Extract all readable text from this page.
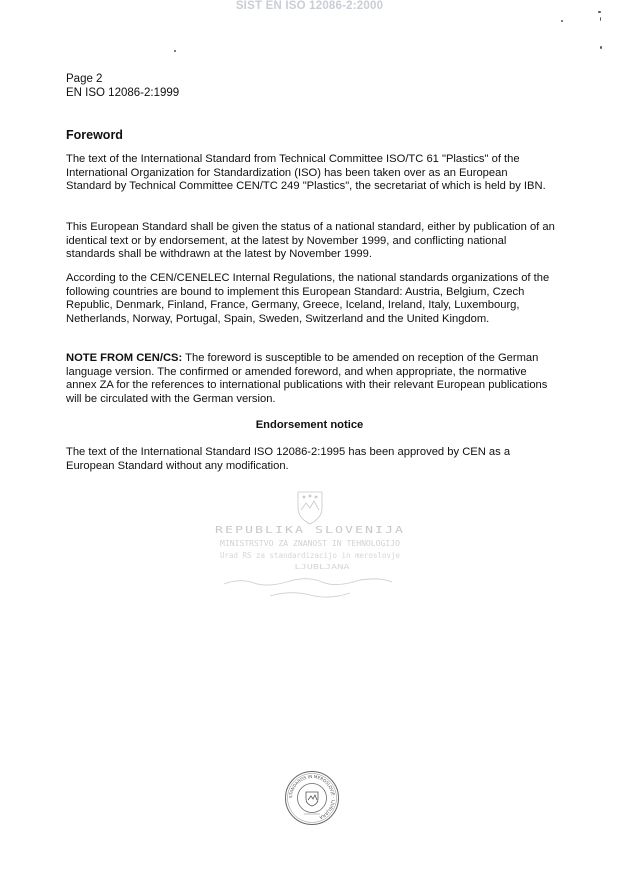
SIST EN ISO 12086-2:2000
Page 2
EN ISO 12086-2:1999
Foreword

The text of the International Standard from Technical Committee ISO/TC 61 "Plastics" of the International Organization for Standardization (ISO) has been taken over as an European Standard by Technical Committee CEN/TC 249 "Plastics", the secretariat of which is held by IBN.

This European Standard shall be given the status of a national standard, either by publication of an identical text or by endorsement, at the latest by November 1999, and conflicting national standards shall be withdrawn at the latest by November 1999.

According to the CEN/CENELEC Internal Regulations, the national standards organizations of the following countries are bound to implement this European Standard: Austria, Belgium, Czech Republic, Denmark, Finland, France, Germany, Greece, Iceland, Ireland, Italy, Luxembourg, Netherlands, Norway, Portugal, Spain, Sweden, Switzerland and the United Kingdom.

NOTE FROM CEN/CS: The foreword is susceptible to be amended on reception of the German language version. The confirmed or amended foreword, and when appropriate, the normative annex ZA for the references to international publications with their relevant European publications will be circulated with the German version.

Endorsement notice

The text of the International Standard ISO 12086-2:1995 has been approved by CEN as a European Standard without any modification.

REPUBLIKA SLOVENIJA
MINISTRSTVO ZA ZNANOST IN TEHNOLOGIJO
Urad RS za standardizacijo in meroslovje
LJUBLJANA
STANDARDS IN MEROSLOVJE · LJUBLJANA
